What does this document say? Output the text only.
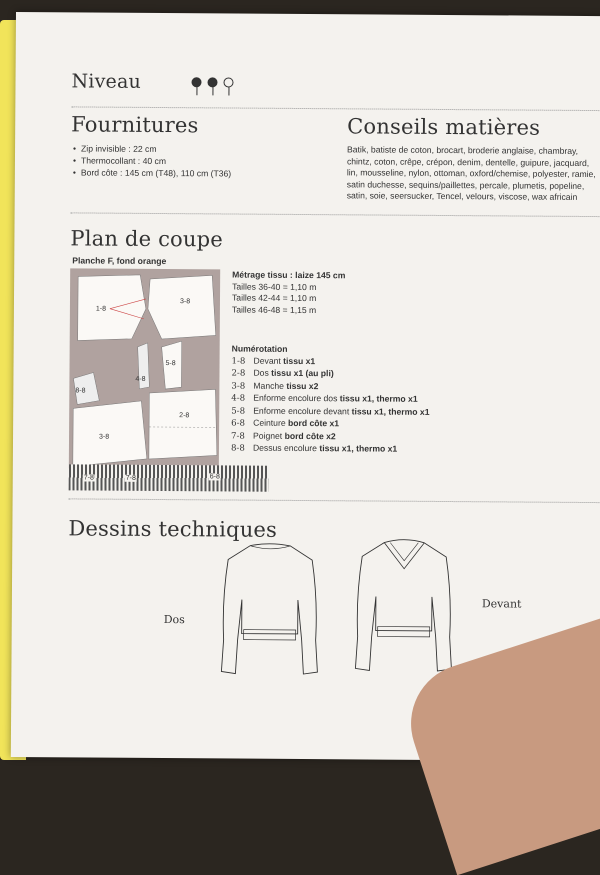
Niveau
Fournitures
• Zip invisible : 22 cm
• Thermocollant : 40 cm
• Bord côte : 145 cm (T48), 110 cm (T36)
Conseils matières
Batik, batiste de coton, brocart, broderie anglaise, chambray, chintz, coton, crêpe, crépon, denim, dentelle, guipure, jacquard, lin, mousseline, nylon, ottoman, oxford/chemise, polyester, ramie, satin duchesse, sequins/paillettes, percale, plumetis, popeline, satin, soie, seersucker, Tencel, velours, viscose, wax africain
Plan de coupe
Planche F, fond orange
1-8
3-8
5-8
4-8
8-8
2-8
3-8
7-8	7-8	6-8
Métrage tissu : laize 145 cm
Tailles 36-40 = 1,10 m
Tailles 42-44 = 1,10 m
Tailles 46-48 = 1,15 m
Numérotation
1-8 Devant tissu x1
2-8 Dos tissu x1 (au pli)
3-8 Manche tissu x2
4-8 Enforme encolure dos tissu x1, thermo x1
5-8 Enforme encolure devant tissu x1, thermo x1
6-8 Ceinture bord côte x1
7-8 Poignet bord côte x2
8-8 Dessus encolure tissu x1, thermo x1
Dessins techniques
Dos
Devant
